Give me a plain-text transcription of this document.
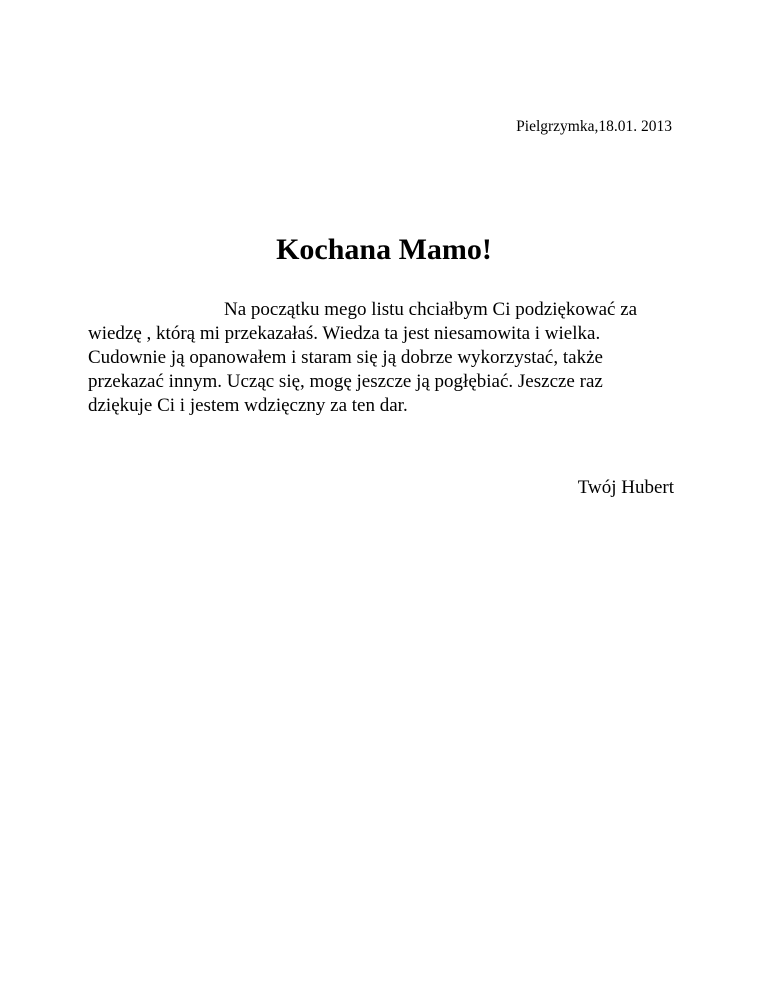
Pielgrzymka,18.01. 2013
Kochana Mamo!
Na początku mego listu chciałbym Ci podziękować za
wiedzę , którą mi przekazałaś. Wiedza ta jest niesamowita i wielka.
Cudownie ją opanowałem i staram się ją dobrze wykorzystać, także
przekazać innym. Ucząc się, mogę jeszcze ją pogłębiać. Jeszcze raz
dziękuje Ci i jestem wdzięczny za ten dar.
Twój Hubert
